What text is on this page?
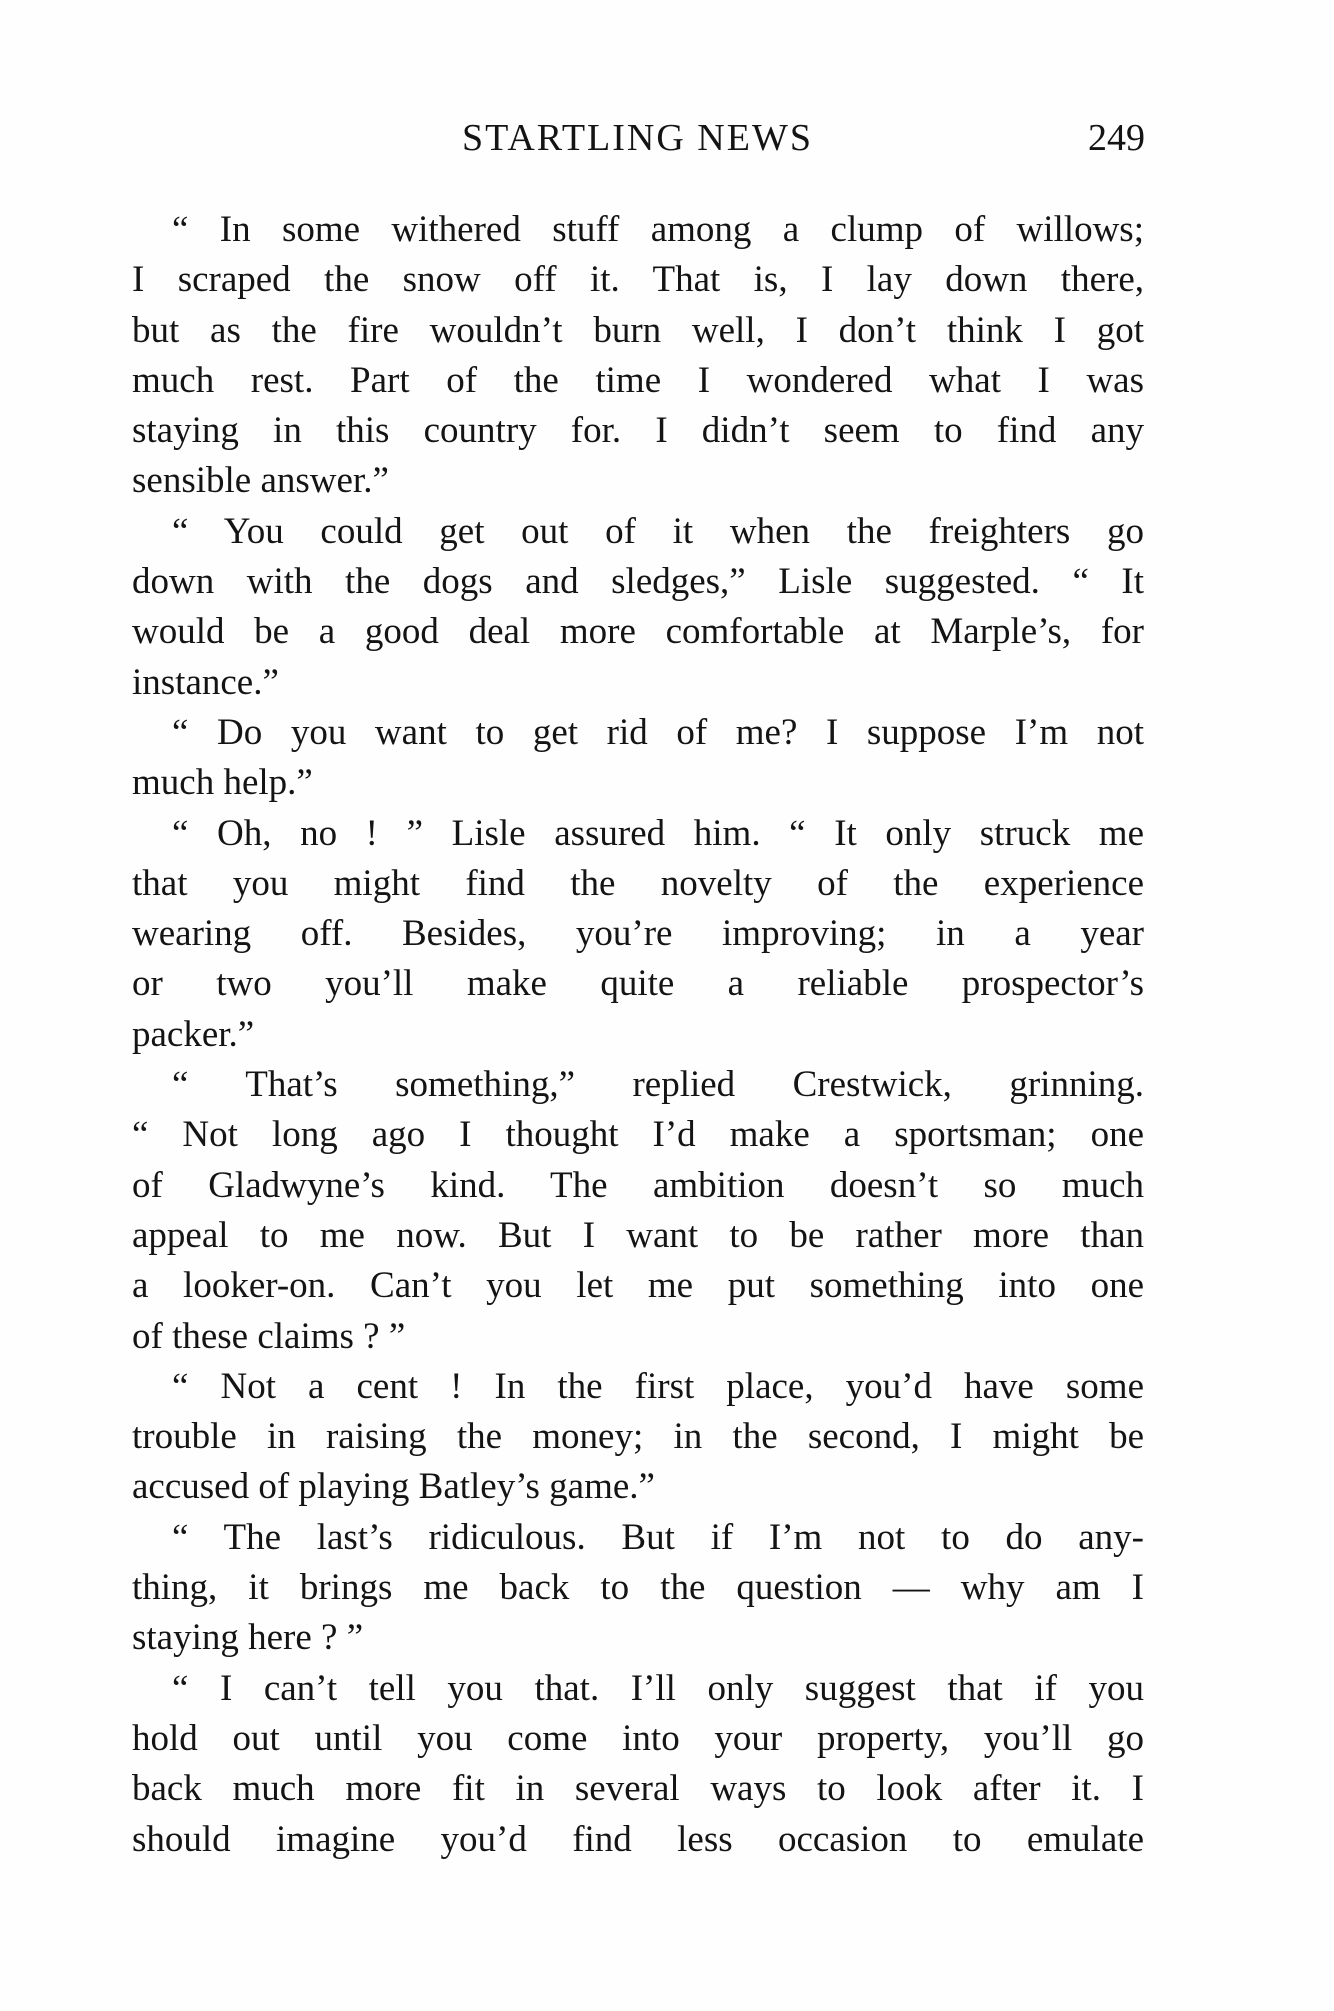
STARTLING NEWS	249
“ In some withered stuff among a clump of willows;
I scraped the snow off it. That is, I lay down there,
but as the fire wouldn’t burn well, I don’t think I got
much rest. Part of the time I wondered what I was
staying in this country for. I didn’t seem to find any
sensible answer.”
“ You could get out of it when the freighters go
down with the dogs and sledges,” Lisle suggested. “ It
would be a good deal more comfortable at Marple’s, for
instance.”
“ Do you want to get rid of me? I suppose I’m not
much help.”
“ Oh, no ! ” Lisle assured him. “ It only struck me
that you might find the novelty of the experience
wearing off. Besides, you’re improving; in a year
or two you’ll make quite a reliable prospector’s
packer.”
“ That’s something,” replied Crestwick, grinning.
“ Not long ago I thought I’d make a sportsman; one
of Gladwyne’s kind. The ambition doesn’t so much
appeal to me now. But I want to be rather more than
a looker-on. Can’t you let me put something into one
of these claims ? ”
“ Not a cent ! In the first place, you’d have some
trouble in raising the money; in the second, I might be
accused of playing Batley’s game.”
“ The last’s ridiculous. But if I’m not to do any-
thing, it brings me back to the question — why am I
staying here ? ”
“ I can’t tell you that. I’ll only suggest that if you
hold out until you come into your property, you’ll go
back much more fit in several ways to look after it. I
should imagine you’d find less occasion to emulate
